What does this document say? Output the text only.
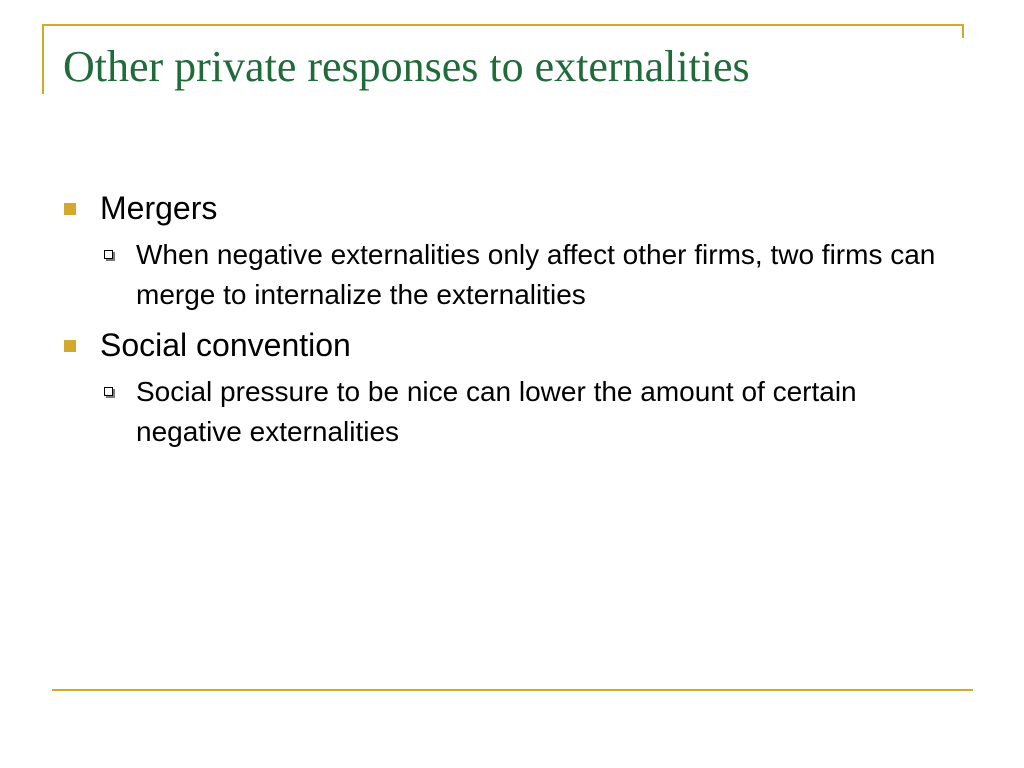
Other private responses to externalities
Mergers
When negative externalities only affect other firms, two firms can merge to internalize the externalities
Social convention
Social pressure to be nice can lower the amount of certain negative externalities
